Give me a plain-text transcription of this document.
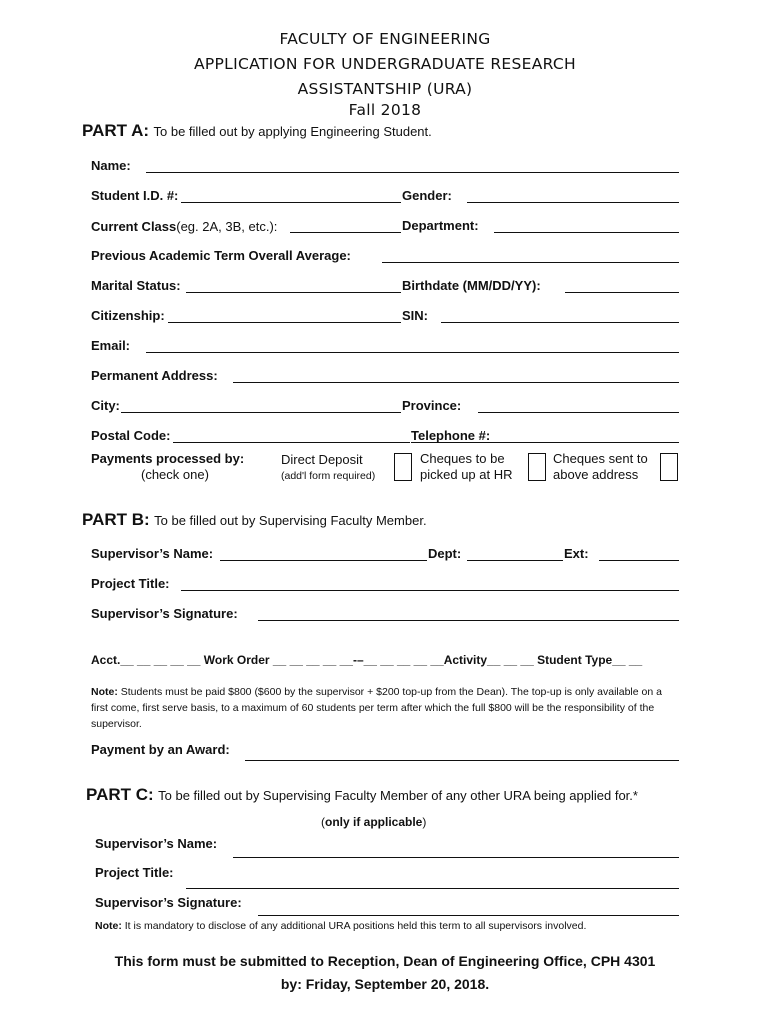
FACULTY OF ENGINEERING
APPLICATION FOR UNDERGRADUATE RESEARCH
ASSISTANTSHIP (URA)
Fall 2018
PART A: To be filled out by applying Engineering Student.
Name:
Student I.D. #:	Gender:
Current Class(eg. 2A, 3B, etc.):	Department:
Previous Academic Term Overall Average:
Marital Status:	Birthdate (MM/DD/YY):
Citizenship:	SIN:
Email:
Permanent Address:
City:	Province:
Postal Code:	Telephone #:
Payments processed by:
(check one)
Direct Deposit
(add'l form required)
Cheques to be
picked up at HR
Cheques sent to
above address
PART B: To be filled out by Supervising Faculty Member.
Supervisor’s Name:	Dept:	Ext:
Project Title:
Supervisor’s Signature:
Acct.__ __ __ __ __ Work Order __ __ __ __ __-–__ __ __ __ __Activity__ __ __ Student Type__ __
Note: Students must be paid $800 ($600 by the supervisor + $200 top-up from the Dean). The top-up is only available on a first come, first serve basis, to a maximum of 60 students per term after which the full $800 will be the responsibility of the supervisor.
Payment by an Award:
PART C: To be filled out by Supervising Faculty Member of any other URA being applied for.*
(only if applicable)
Supervisor’s Name:
Project Title:
Supervisor’s Signature:
Note: It is mandatory to disclose of any additional URA positions held this term to all supervisors involved.
This form must be submitted to Reception, Dean of Engineering Office, CPH 4301
by: Friday, September 20, 2018.
